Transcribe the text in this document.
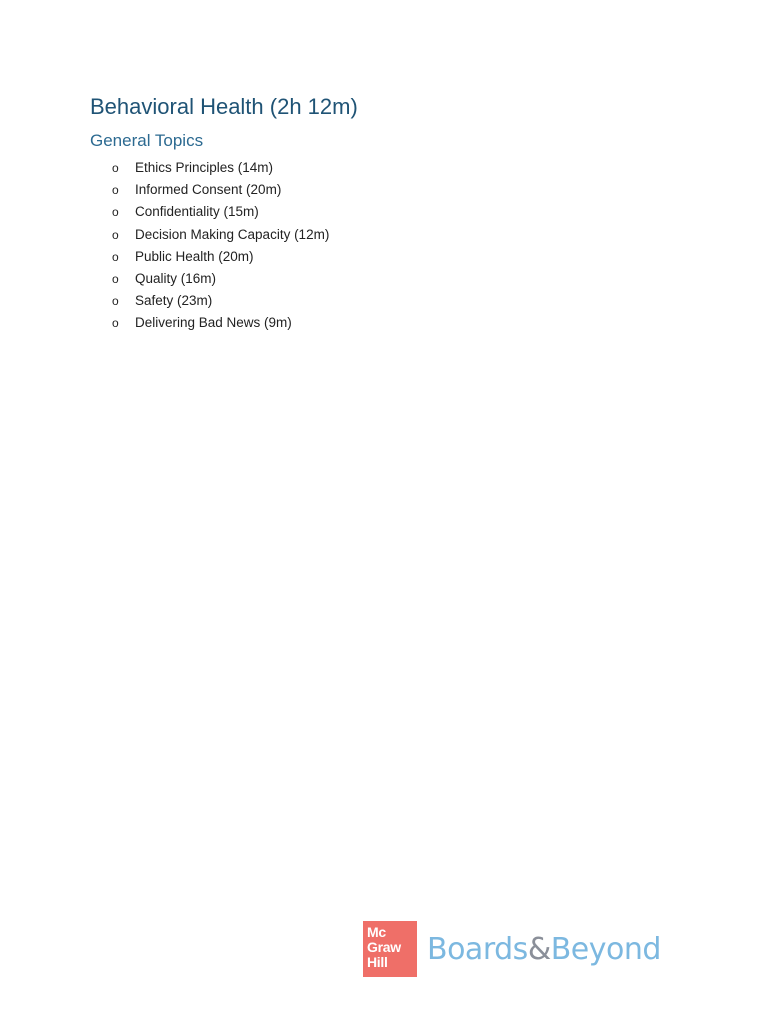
Behavioral Health (2h 12m)
General Topics
o Ethics Principles (14m)
o Informed Consent (20m)
o Confidentiality (15m)
o Decision Making Capacity (12m)
o Public Health (20m)
o Quality (16m)
o Safety (23m)
o Delivering Bad News (9m)
Mc
Graw
Hill	Boards&Beyond
